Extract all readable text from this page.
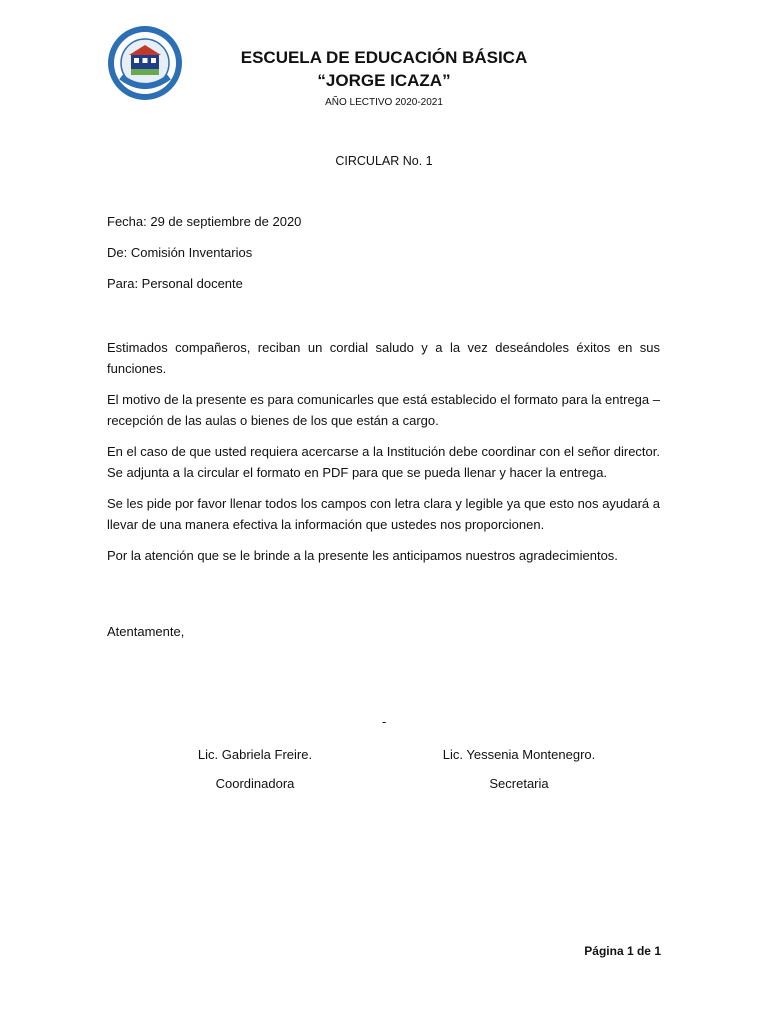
ESCUELA DE EDUCACIÓN BÁSICA
“JORGE ICAZA”
AÑO LECTIVO 2020-2021
CIRCULAR No. 1

Fecha: 29 de septiembre de 2020

De: Comisión Inventarios

Para: Personal docente

Estimados compañeros, reciban un cordial saludo y a la vez deseándoles éxitos en sus funciones.

El motivo de la presente es para comunicarles que está establecido el formato para la entrega – recepción de las aulas o bienes de los que están a cargo.

En el caso de que usted requiera acercarse a la Institución debe coordinar con el señor director. Se adjunta a la circular el formato en PDF para que se pueda llenar y hacer la entrega.

Se les pide por favor llenar todos los campos con letra clara y legible ya que esto nos ayudará a llevar de una manera efectiva la información que ustedes nos proporcionen.

Por la atención que se le brinde a la presente les anticipamos nuestros agradecimientos.

Atentamente,
-
Lic. Gabriela Freire.
Coordinadora
Lic. Yessenia Montenegro.
Secretaria
Página 1 de 1
